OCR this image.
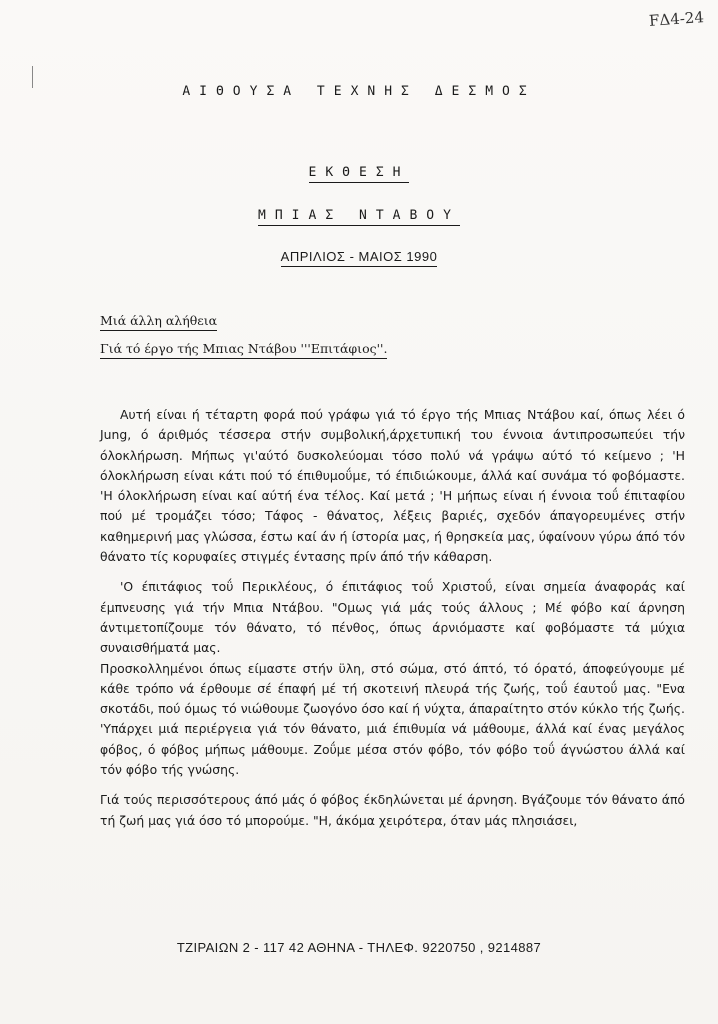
FΔ4-24
ΑΙΘΟΥΣΑ ΤΕΧΝΗΣ ΔΕΣΜΟΣ
ΕΚΘΕΣΗ
ΜΠΙΑΣ ΝΤΑΒΟΥ
ΑΠΡΙΛΙΟΣ - ΜΑΙΟΣ 1990
Μιά άλλη αλήθεια
Γιά τό έργο τής Μπιας Ντάβου '''Επιτάφιος''.

Αυτή είναι ή τέταρτη φορά πού γράφω γιά τό έργο τής Μπιας Ντάβου καί, όπως λέει ό Jung, ό άριθμός τέσσερα στήν συμβολική,άρχετυπική του έννοια άντιπροσωπεύει τήν όλοκλήρωση. Μήπως γι'αύτό δυσκολεύομαι τόσο πολύ νά γράψω αύτό τό κείμενο ; 'Η όλοκλήρωση είναι κάτι πού τό έπιθυμοΰμε, τό έπιδιώκουμε, άλλά καί συνάμα τό φοβόμαστε. 'Η όλοκλήρωση είναι καί αύτή ένα τέλος. Καί μετά ; 'Η μήπως είναι ή έννοια τοΰ έπιταφίου πού μέ τρομάζει τόσο; Τάφος - θάνατος, λέξεις βαριές, σχεδόν άπαγορευμένες στήν καθημερινή μας γλώσσα, έστω καί άν ή ίστορία μας, ή θρησκεία μας, ύφαίνουν γύρω άπό τόν θάνατο τίς κορυφαίες στιγμές έντασης πρίν άπό τήν κάθαρση.

'Ο έπιτάφιος τοΰ Περικλέους, ό έπιτάφιος τοΰ Χριστοΰ, είναι σημεία άναφοράς καί έμπνευσης γιά τήν Μπια Ντάβου. "Ομως γιά μάς τούς άλλους ; Μέ φόβο καί άρνηση άντιμετοπίζουμε τόν θάνατο, τό πένθος, όπως άρνιόμαστε καί φοβόμαστε τά μύχια συναισθήματά μας.

Προσκολλημένοι όπως είμαστε στήν ϋλη, στό σώμα, στό άπτό, τό όρατό, άποφεύγουμε μέ κάθε τρόπο νά έρθουμε σέ έπαφή μέ τή σκοτεινή πλευρά τής ζωής, τοΰ έαυτοΰ μας. "Ενα σκοτάδι, πού όμως τό νιώθουμε ζωογόνο όσο καί ή νύχτα, άπαραίτητο στόν κύκλο τής ζωής. 'Υπάρχει μιά περιέργεια γιά τόν θάνατο, μιά έπιθυμία νά μάθουμε, άλλά καί ένας μεγάλος φόβος, ό φόβος μήπως μάθουμε. Ζοΰμε μέσα στόν φόβο, τόν φόβο τοΰ άγνώστου άλλά καί τόν φόβο τής γνώσης.

Γιά τούς περισσότερους άπό μάς ό φόβος έκδηλώνεται μέ άρνηση. Βγάζουμε τόν θάνατο άπό τή ζωή μας γιά όσο τό μπορούμε. "Η, άκόμα χειρότερα, όταν μάς πλησιάσει,

ΤΖΙΡΑΙΩΝ 2 - 117 42 ΑΘΗΝΑ - ΤΗΛΕΦ. 9220750 , 9214887
